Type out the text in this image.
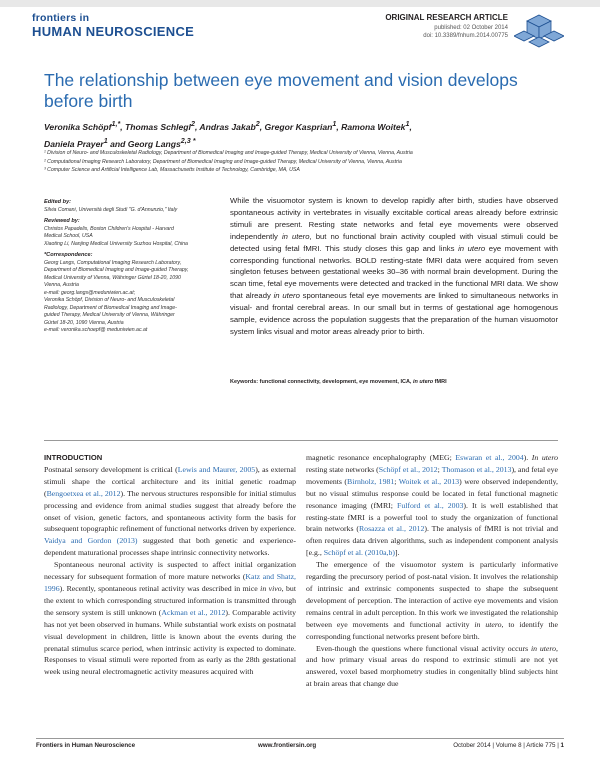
frontiers in
HUMAN NEUROSCIENCE
ORIGINAL RESEARCH ARTICLE
published: 02 October 2014
doi: 10.3389/fnhum.2014.00775
The relationship between eye movement and vision develops before birth
Veronika Schöpf$^{1,*}$, Thomas Schlegl$^2$, Andras Jakab$^2$, Gregor Kasprian$^1$, Ramona Woitek$^1$,
Daniela Prayer$^1$ and Georg Langs$^{2,3 *}$
¹ Division of Neuro- and Musculoskeletal Radiology, Department of Biomedical Imaging and Image-guided Therapy, Medical University of Vienna, Vienna, Austria
² Computational Imaging Research Laboratory, Department of Biomedical Imaging and Image-guided Therapy, Medical University of Vienna, Vienna, Austria
³ Computer Science and Artificial Intelligence Lab, Massachusetts Institute of Technology, Cambridge, MA, USA
Edited by:
Silvia Comani, Università degli Studi "G. d'Annunzio," Italy
Reviewed by:
Christos Papadelis, Boston Children's Hospital - Harvard Medical School, USA
Xiaoting Li, Nanjing Medical University Suzhou Hospital, China
*Correspondence:
Georg Langs, Computational Imaging Research Laboratory, Department of Biomedical Imaging and Image-guided Therapy, Medical University of Vienna, Währinger Gürtel 18-20, 1090 Vienna, Austria
e-mail: georg.langs@meduniwien.ac.at;
Veronika Schöpf, Division of Neuro- and Musculoskeletal Radiology, Department of Biomedical Imaging and Image-guided Therapy, Medical University of Vienna, Währinger Gürtel 18-20, 1090 Vienna, Austria
e-mail: veronika.schoepf@ meduniwien.ac.at
While the visuomotor system is known to develop rapidly after birth, studies have observed spontaneous activity in vertebrates in visually excitable cortical areas already before extrinsic stimuli are present. Resting state networks and fetal eye movements were observed independently in utero, but no functional brain activity coupled with visual stimuli could be detected using fetal fMRI. This study closes this gap and links in utero eye movement with corresponding functional networks. BOLD resting-state fMRI data were acquired from seven singleton fetuses between gestational weeks 30–36 with normal brain development. During the scan time, fetal eye movements were detected and tracked in the functional MRI data. We show that already in utero spontaneous fetal eye movements are linked to simultaneous networks in visual- and frontal cerebral areas. In our small but in terms of gestational age homogenous sample, evidence across the population suggests that the preparation of the human visuomotor system links visual and motor areas already prior to birth.
Keywords: functional connectivity, development, eye movement, ICA, in utero fMRI
INTRODUCTION

Postnatal sensory development is critical (Lewis and Maurer, 2005), as external stimuli shape the cortical architecture and its initial genetic roadmap (Bengoetxea et al., 2012). The nervous structures responsible for initial stimulus processing and evidence from animal studies suggest that already before the onset of vision, genetic factors, and spontaneous activity form the basis for subsequent topographic refinement of functional networks driven by experience. Vaidya and Gordon (2013) suggested that both genetic and experience-dependent maturational processes shape intrinsic connectivity networks.

Spontaneous neuronal activity is suspected to affect initial organization necessary for subsequent formation of more mature networks (Katz and Shatz, 1996). Recently, spontaneous retinal activity was described in mice in vivo, but the extent to which corresponding structured information is transmitted through the sensory system is still unknown (Ackman et al., 2012). Comparable activity has not yet been observed in humans. While substantial work exists on postnatal visual development in children, little is known about the events during the prenatal stimulus scarce period, when intrinsic activity is expected to dominate. Responses to visual stimuli were reported from as early as the 28th gestational week using neural electromagnetic activity measures acquired with

magnetic resonance encephalography (MEG; Eswaran et al., 2004). In utero resting state networks (Schöpf et al., 2012; Thomason et al., 2013), and fetal eye movements (Birnholz, 1981; Woitek et al., 2013) were observed independently, but no visual stimulus response could be located in fetal functional magnetic resonance imaging (fMRI; Fulford et al., 2003). It is well established that resting-state fMRI is a powerful tool to study the organization of functional brain networks (Rosazza et al., 2012). The analysis of fMRI is not trivial and often requires data driven algorithms, such as independent component analysis [e.g., Schöpf et al. (2010a,b)].

The emergence of the visuomotor system is particularly informative regarding the precursory period of post-natal vision. It involves the relationship of intrinsic and extrinsic components suspected to shape the subsequent development of perception. The interaction of active eye movements and vision remains central in adult perception. In this work we investigated the relationship between eye movements and functional activity in utero, to identify the corresponding functional networks present before birth.

Even-though the questions where functional visual activity occurs in utero, and how primary visual areas do respond to extrinsic stimuli are not yet answered, voxel based morphometry studies in congenitally blind subjects hint at brain areas that change due

Frontiers in Human Neuroscience	www.frontiersin.org	October 2014 | Volume 8 | Article 775 | 1
